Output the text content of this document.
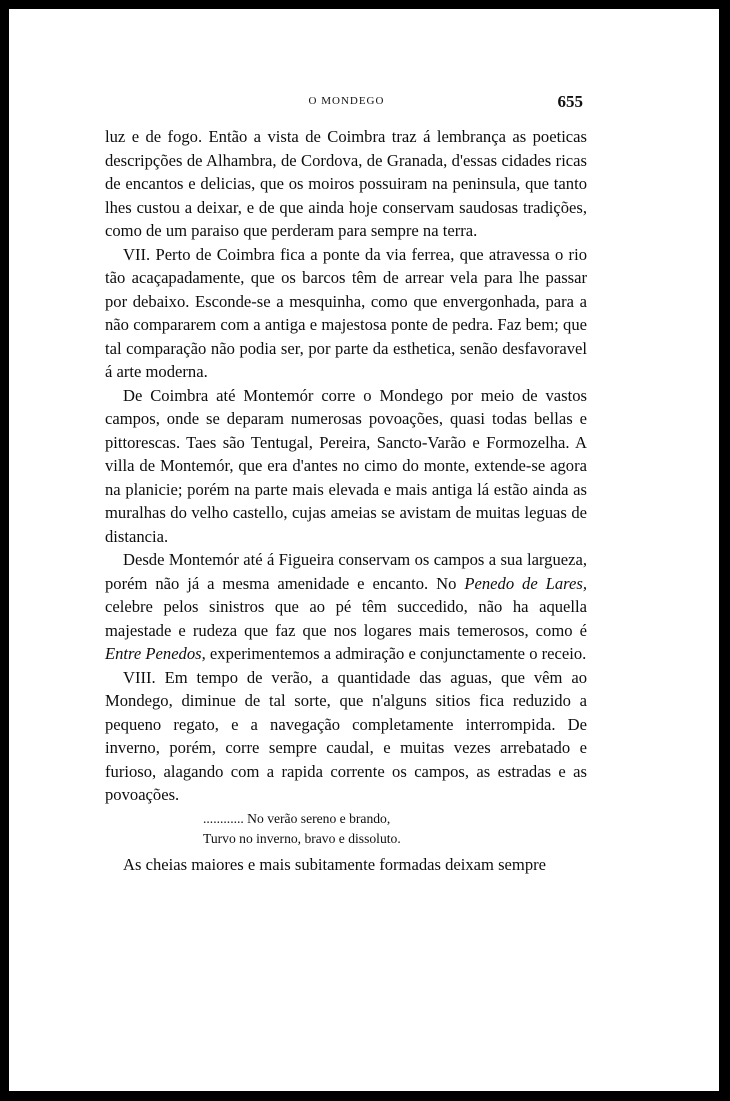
O MONDEGO	655

luz e de fogo. Então a vista de Coimbra traz á lembrança as poeticas descripções de Alhambra, de Cordova, de Granada, d'essas cidades ricas de encantos e delicias, que os moiros possuiram na peninsula, que tanto lhes custou a deixar, e de que ainda hoje conservam saudosas tradições, como de um paraiso que perderam para sempre na terra.

VII. Perto de Coimbra fica a ponte da via ferrea, que atravessa o rio tão acaçapadamente, que os barcos têm de arrear vela para lhe passar por debaixo. Esconde-se a mesquinha, como que envergonhada, para a não compararem com a antiga e majestosa ponte de pedra. Faz bem; que tal comparação não podia ser, por parte da esthetica, senão desfavoravel á arte moderna.

De Coimbra até Montemór corre o Mondego por meio de vastos campos, onde se deparam numerosas povoações, quasi todas bellas e pittorescas. Taes são Tentugal, Pereira, Sancto-Varão e Formozelha. A villa de Montemór, que era d'antes no cimo do monte, extende-se agora na planicie; porém na parte mais elevada e mais antiga lá estão ainda as muralhas do velho castello, cujas ameias se avistam de muitas leguas de distancia.

Desde Montemór até á Figueira conservam os campos a sua largueza, porém não já a mesma amenidade e encanto. No Penedo de Lares, celebre pelos sinistros que ao pé têm succedido, não ha aquella majestade e rudeza que faz que nos logares mais temerosos, como é Entre Penedos, experimentemos a admiração e conjunctamente o receio.

VIII. Em tempo de verão, a quantidade das aguas, que vêm ao Mondego, diminue de tal sorte, que n'alguns sitios fica reduzido a pequeno regato, e a navegação completamente interrompida. De inverno, porém, corre sempre caudal, e muitas vezes arrebatado e furioso, alagando com a rapida corrente os campos, as estradas e as povoações.

............ No verão sereno e brando,
Turvo no inverno, bravo e dissoluto.

As cheias maiores e mais subitamente formadas deixam sempre
